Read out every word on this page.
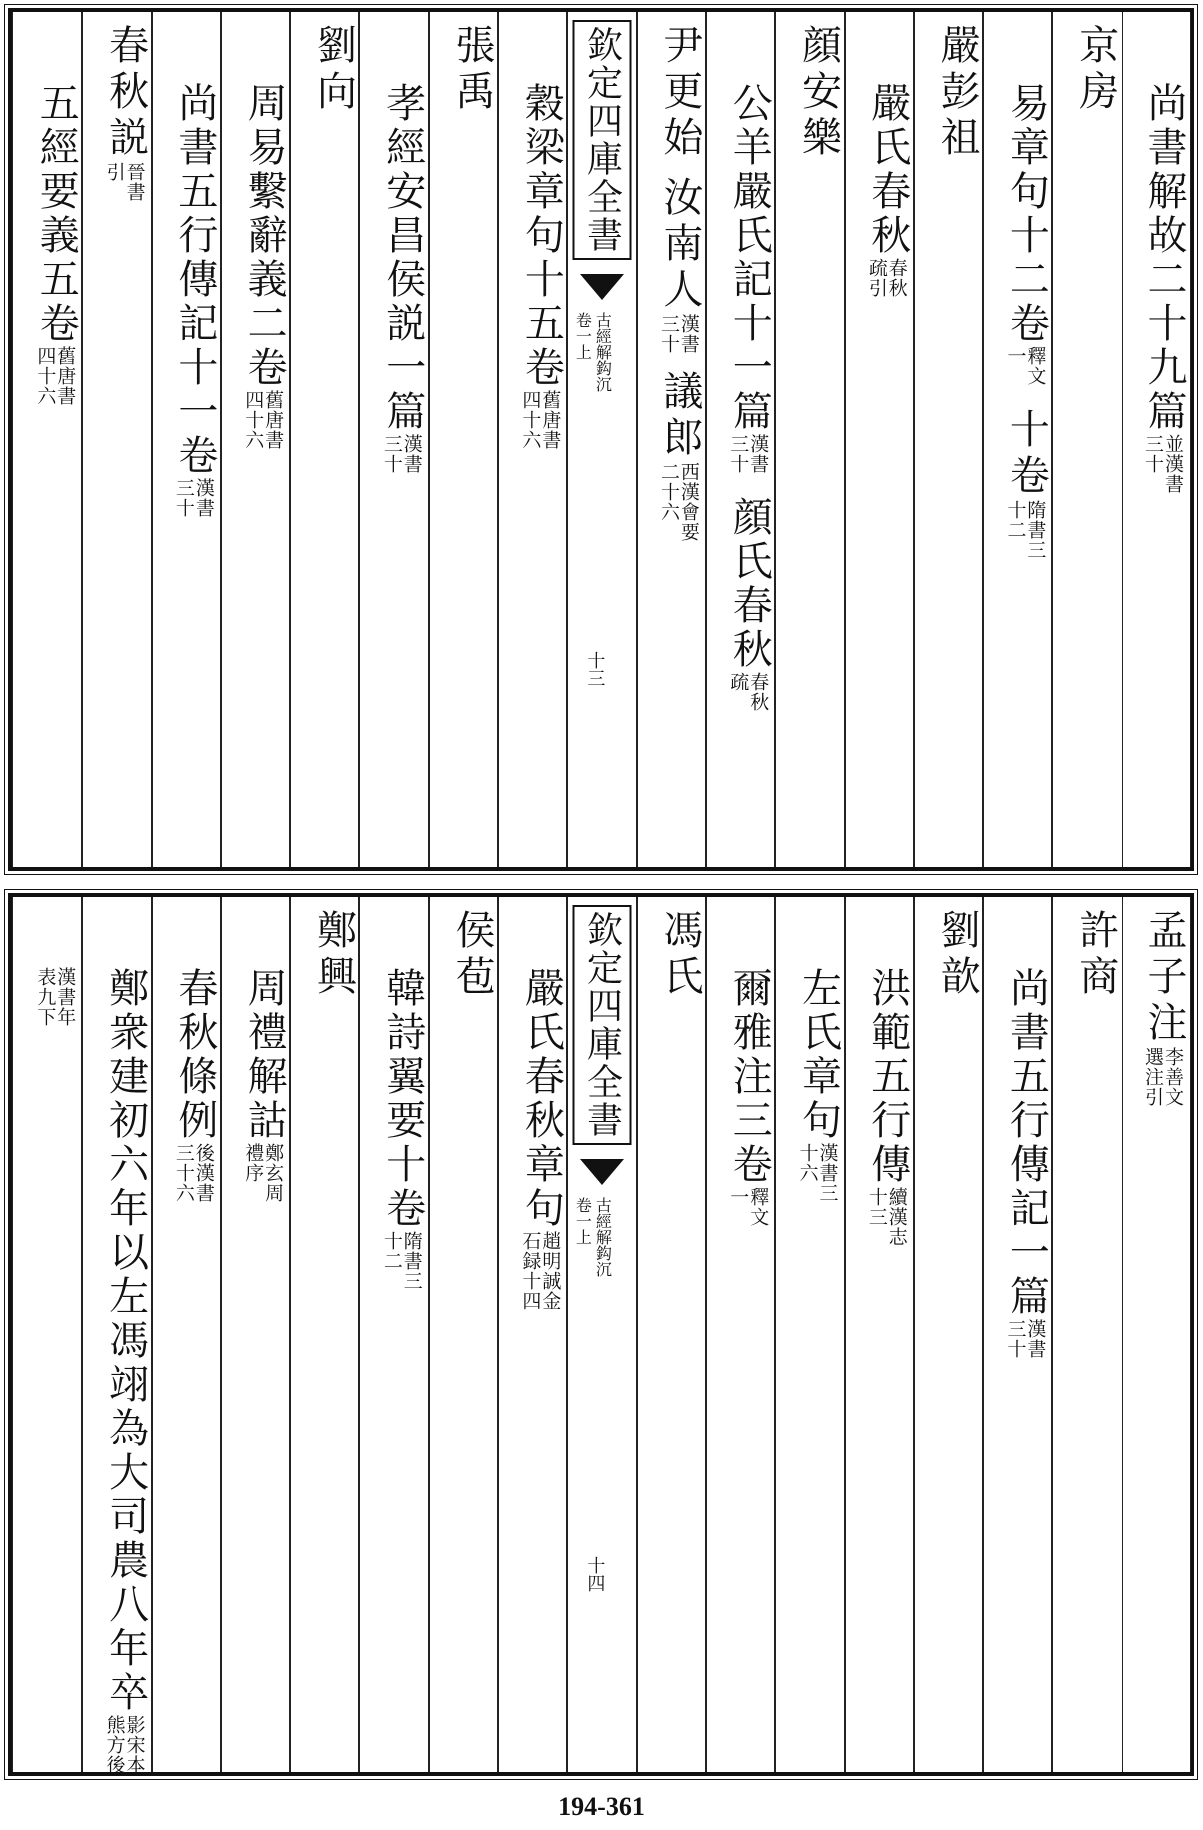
尚書解故二十九篇
並漢書
三十
京房
易章句十二卷
釋文
一
十卷
隋書三
十二
嚴彭祖
嚴氏春秋
春秋
疏引
顔安樂
公羊嚴氏記十一篇
漢書
三十
顔氏春秋
春秋
疏
尹更始
汝南人
漢書
三十
議郎
西漢會要
二十六
欽定四庫全書
古經解鈎沉
卷一上
十三
穀梁章句十五卷
舊唐書
四十六
張禹
孝經安昌侯説一篇
漢書
三十
劉向
周易繫辭義二卷
舊唐書
四十六
尚書五行傳記十一卷
漢書
三十
春秋説
晉書
引
五經要義五卷
舊唐書
四十六
孟子注
李善文
選注引
許商
尚書五行傳記一篇
漢書
三十
劉歆
洪範五行傳
續漢志
十三
左氏章句
漢書三
十六
爾雅注三卷
釋文
一
馮氏
欽定四庫全書
古經解鈎沉
卷一上
十四
嚴氏春秋章句
趙明誠金
石録十四
侯苞
韓詩翼要十卷
隋書三
十二
鄭興
周禮解詁
鄭玄周
禮序
春秋條例
後漢書
三十六
鄭衆建初六年以左馮翊為大司農八年卒
影宋本
熊方後
漢書年
表九下
194-361
